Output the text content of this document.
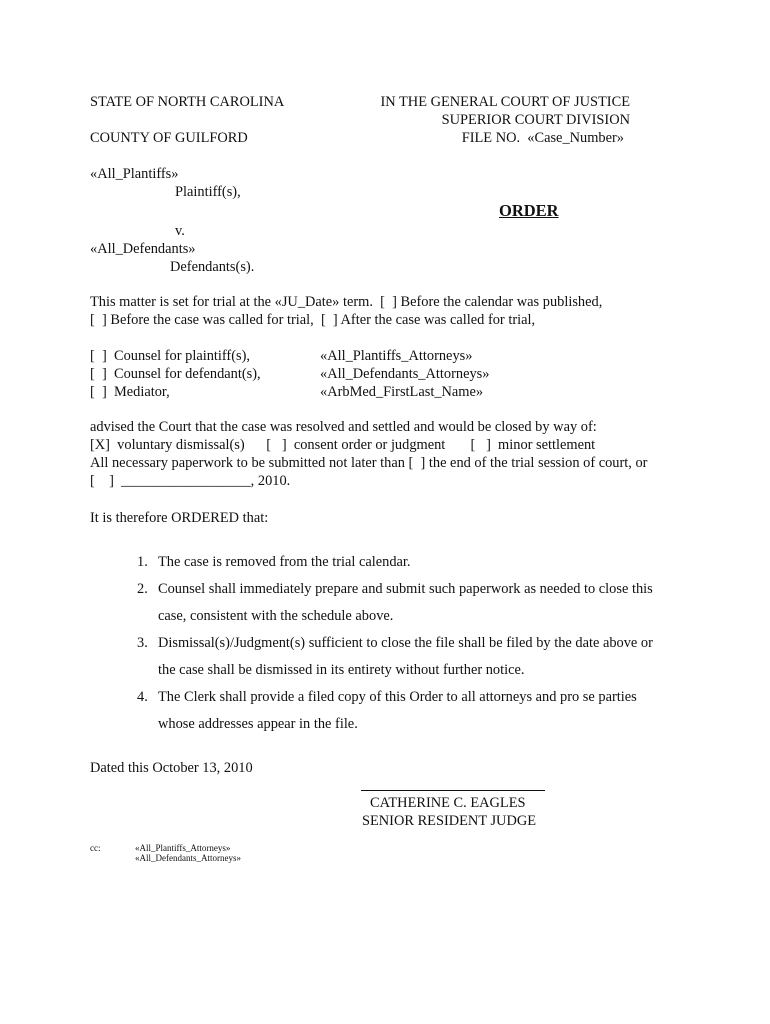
STATE OF NORTH CAROLINA
COUNTY OF GUILFORD
IN THE GENERAL COURT OF JUSTICE
SUPERIOR COURT DIVISION
FILE NO.  «Case_Number»
«All_Plantiffs»
Plaintiff(s),
ORDER
v.
«All_Defendants»
Defendants(s).
This matter is set for trial at the «JU_Date» term.  [  ] Before the calendar was published,
[  ] Before the case was called for trial,  [  ] After the case was called for trial,
[  ]  Counsel for plaintiff(s),	«All_Plantiffs_Attorneys»
[  ]  Counsel for defendant(s),	«All_Defendants_Attorneys»
[  ]  Mediator,	«ArbMed_FirstLast_Name»
advised the Court that the case was resolved and settled and would be closed by way of:
[X]  voluntary dismissal(s)      [   ]  consent order or judgment       [   ]  minor settlement
All necessary paperwork to be submitted not later than [  ] the end of the trial session of court, or
[    ]  __________________, 2010.
It is therefore ORDERED that:
1. The case is removed from the trial calendar.
2. Counsel shall immediately prepare and submit such paperwork as needed to close this
case, consistent with the schedule above.
3. Dismissal(s)/Judgment(s) sufficient to close the file shall be filed by the date above or
the case shall be dismissed in its entirety without further notice.
4. The Clerk shall provide a filed copy of this Order to all attorneys and pro se parties
whose addresses appear in the file.
Dated this October 13, 2010
CATHERINE C. EAGLES
SENIOR RESIDENT JUDGE
cc:	«All_Plantiffs_Attorneys»
«All_Defendants_Attorneys»
